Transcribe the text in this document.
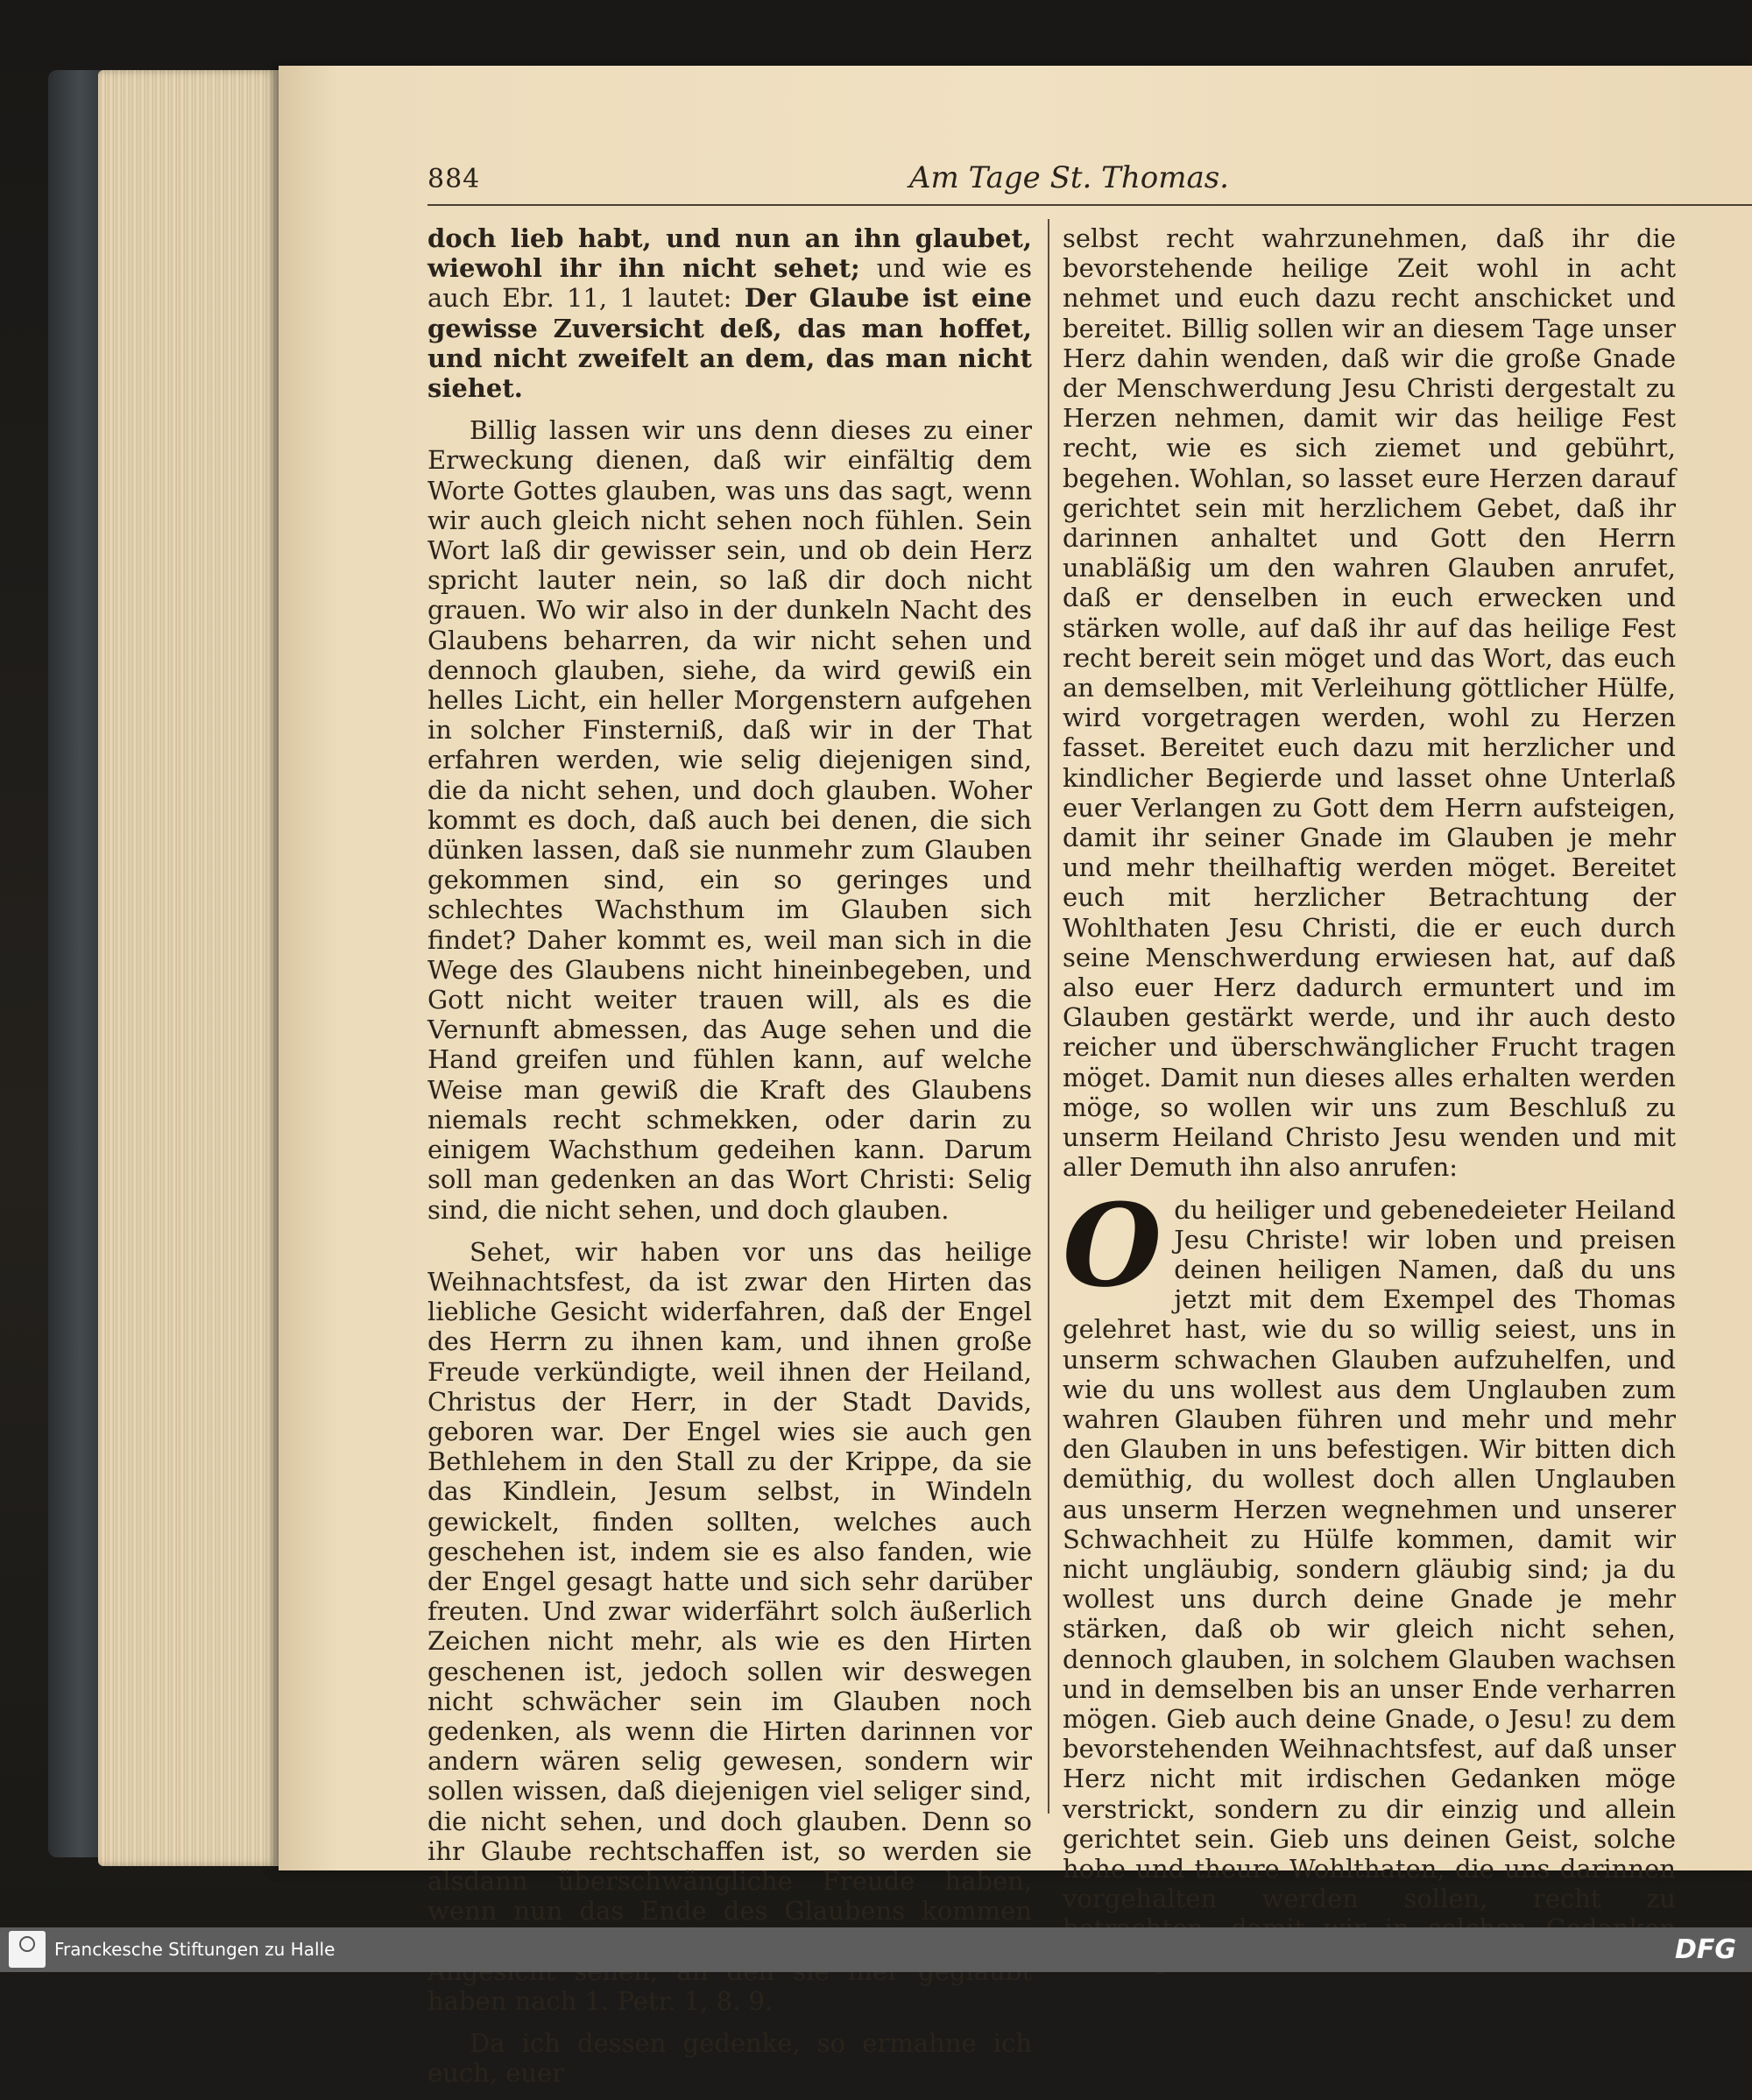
884	Am Tage St. Thomas.

doch lieb habt, und nun an ihn glaubet, wiewohl ihr ihn nicht sehet; und wie es auch Ebr. 11, 1 lautet: Der Glaube ist eine gewisse Zuversicht deß, das man hoffet, und nicht zweifelt an dem, das man nicht siehet.

Billig lassen wir uns denn dieses zu einer Erweckung dienen, daß wir einfältig dem Worte Gottes glauben, was uns das sagt, wenn wir auch gleich nicht sehen noch fühlen. Sein Wort laß dir gewisser sein, und ob dein Herz spricht lauter nein, so laß dir doch nicht grauen. Wo wir also in der dunkeln Nacht des Glaubens beharren, da wir nicht sehen und dennoch glauben, siehe, da wird gewiß ein helles Licht, ein heller Morgenstern aufgehen in solcher Finsterniß, daß wir in der That erfahren werden, wie selig diejenigen sind, die da nicht sehen, und doch glauben. Woher kommt es doch, daß auch bei denen, die sich dünken lassen, daß sie nunmehr zum Glauben gekommen sind, ein so geringes und schlechtes Wachsthum im Glauben sich findet? Daher kommt es, weil man sich in die Wege des Glaubens nicht hineinbegeben, und Gott nicht weiter trauen will, als es die Vernunft abmessen, das Auge sehen und die Hand greifen und fühlen kann, auf welche Weise man gewiß die Kraft des Glaubens niemals recht schmekken, oder darin zu einigem Wachsthum gedeihen kann. Darum soll man gedenken an das Wort Christi: Selig sind, die nicht sehen, und doch glauben.

Sehet, wir haben vor uns das heilige Weihnachtsfest, da ist zwar den Hirten das liebliche Gesicht widerfahren, daß der Engel des Herrn zu ihnen kam, und ihnen große Freude verkündigte, weil ihnen der Heiland, Christus der Herr, in der Stadt Davids, geboren war. Der Engel wies sie auch gen Bethlehem in den Stall zu der Krippe, da sie das Kindlein, Jesum selbst, in Windeln gewickelt, finden sollten, welches auch geschehen ist, indem sie es also fanden, wie der Engel gesagt hatte und sich sehr darüber freuten. Und zwar widerfährt solch äußerlich Zeichen nicht mehr, als wie es den Hirten geschenen ist, jedoch sollen wir deswegen nicht schwächer sein im Glauben noch gedenken, als wenn die Hirten darinnen vor andern wären selig gewesen, sondern wir sollen wissen, daß diejenigen viel seliger sind, die nicht sehen, und doch glauben. Denn so ihr Glaube rechtschaffen ist, so werden sie alsdann überschwängliche Freude haben, wenn nun das Ende des Glaubens kommen haben nach 1. Petr. 1, 8. 9.

Da ich dessen gedenke, so ermahne ich euch, euer

selbst recht wahrzunehmen, daß ihr die bevorstehende heilige Zeit wohl in acht nehmet und euch dazu recht anschicket und bereitet. Billig sollen wir an diesem Tage unser Herz dahin wenden, daß wir die große Gnade der Menschwerdung Jesu Christi dergestalt zu Herzen nehmen, damit wir das heilige Fest recht, wie es sich ziemet und gebührt, begehen. Wohlan, so lasset eure Herzen darauf gerichtet sein mit herzlichem Gebet, daß ihr darinnen anhaltet und Gott den Herrn unabläßig um den wahren Glauben anrufet, daß er denselben in euch erwecken und stärken wolle, auf daß ihr auf das heilige Fest recht bereit sein möget und das Wort, das euch an demselben, mit Verleihung göttlicher Hülfe, wird vorgetragen werden, wohl zu Herzen fasset. Bereitet euch dazu mit herzlicher und kindlicher Begierde und lasset ohne Unterlaß euer Verlangen zu Gott dem Herrn aufsteigen, damit ihr seiner Gnade im Glauben je mehr und mehr theilhaftig werden möget. Bereitet euch mit herzlicher Betrachtung der Wohlthaten Jesu Christi, die er euch durch seine Menschwerdung erwiesen hat, auf daß also euer Herz dadurch ermuntert und im Glauben gestärkt werde, und ihr auch desto reicher und überschwänglicher Frucht tragen möget. Damit nun dieses alles erhalten werden möge, so wollen wir uns zum Beschluß zu unserm Heiland Christo Jesu wenden und mit aller Demuth ihn also anrufen:

Odu heiliger und gebenedeieter Heiland Jesu Christe! wir loben und preisen deinen heiligen Namen, daß du uns jetzt mit dem Exempel des Thomas gelehret hast, wie du so willig seiest, uns in unserm schwachen Glauben aufzuhelfen, und wie du uns wollest aus dem Unglauben zum wahren Glauben führen und mehr und mehr den Glauben in uns befestigen. Wir bitten dich demüthig, du wollest doch allen Unglauben aus unserm Herzen wegnehmen und unserer Schwachheit zu Hülfe kommen, damit wir nicht ungläubig, sondern gläubig sind; ja du wollest uns durch deine Gnade je mehr stärken, daß ob wir gleich nicht sehen, dennoch glauben, in solchem Glauben wachsen und in demselben bis an unser Ende verharren mögen. Gieb auch deine Gnade, o Jesu! zu dem bevorstehenden Weihnachtsfest, auf daß unser Herz nicht mit irdischen Gedanken möge verstrickt, sondern zu dir einzig und allein gerichtet sein. Gieb uns deinen Geist, solche hohe und theure Wohlthaten, die uns darinnen vorgehalten werden sollen, recht zu

Franckesche Stiftungen zu Halle	DFG
